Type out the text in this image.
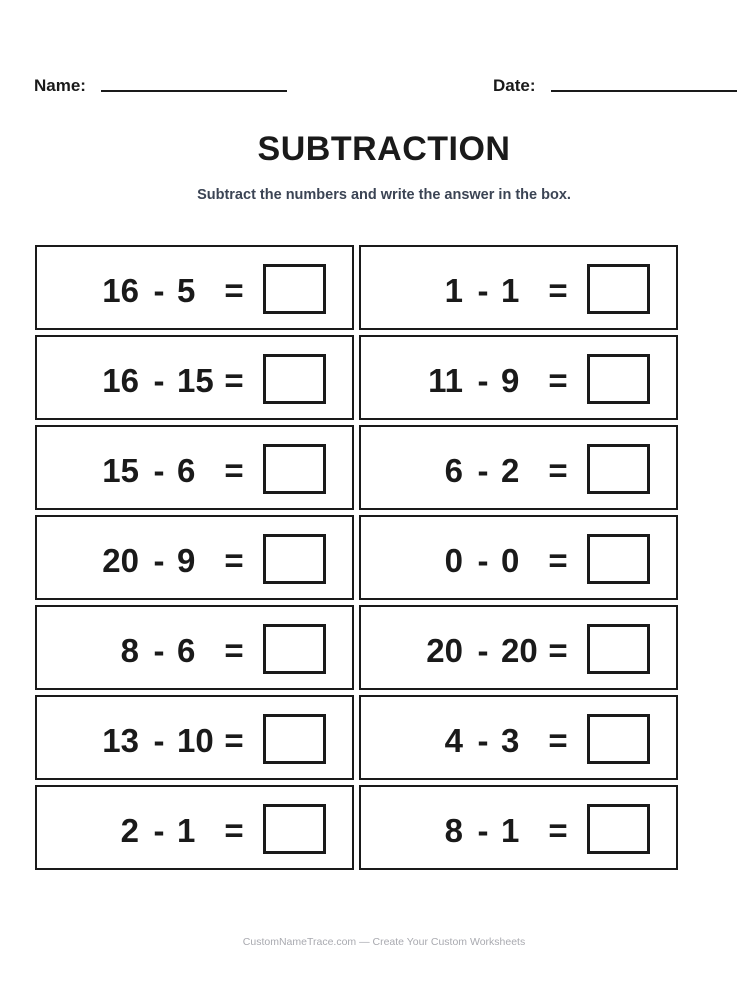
Name:	Date:
SUBTRACTION
Subtract the numbers and write the answer in the box.
16 - 5 =	1 - 1 =
16 - 15 =	11 - 9 =
15 - 6 =	6 - 2 =
20 - 9 =	0 - 0 =
8 - 6 =	20 - 20 =
13 - 10 =	4 - 3 =
2 - 1 =	8 - 1 =
CustomNameTrace.com — Create Your Custom Worksheets
